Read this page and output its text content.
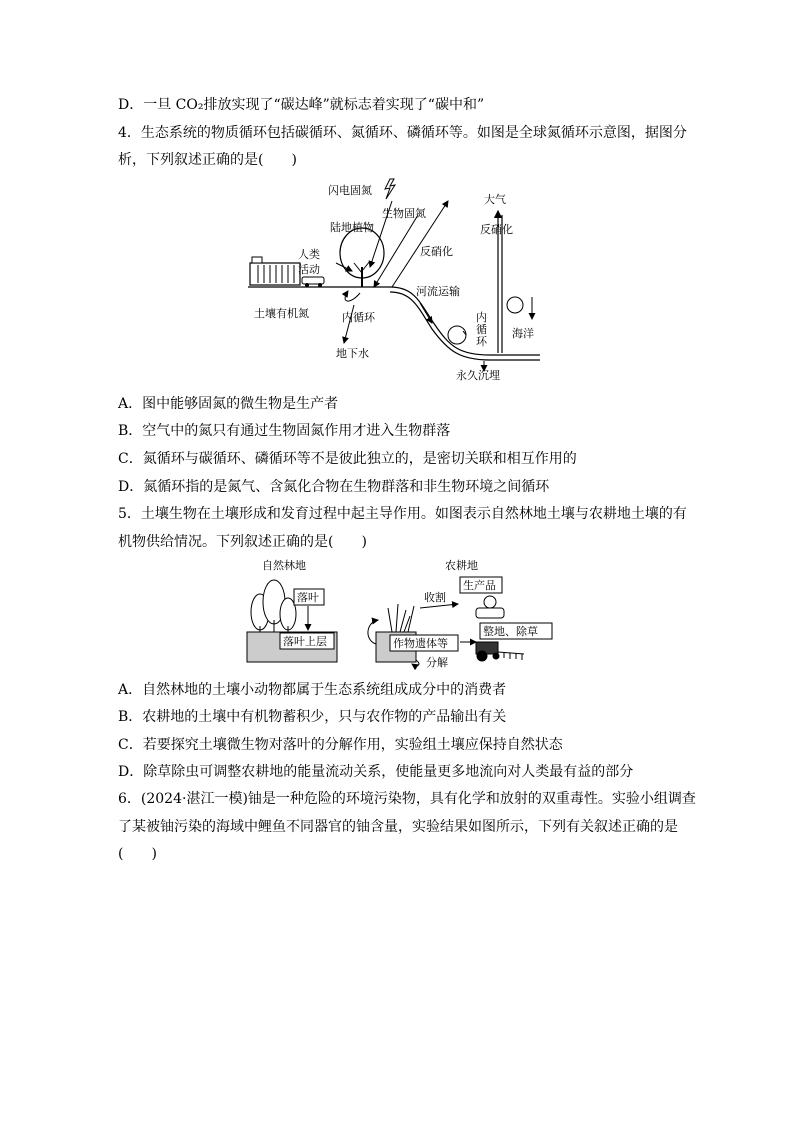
D．一旦 CO₂排放实现了“碳达峰”就标志着实现了“碳中和”
4．生态系统的物质循环包括碳循环、氮循环、磷循环等。如图是全球氮循环示意图，据图分
析，下列叙述正确的是(　　)
闪电固氮
生物固氮
陆地植物
人类
活动
反硝化
大气
反硝化
河流运输
土壤有机氮	内循环	内
循
环
海洋
地下水
永久沉埋
A．图中能够固氮的微生物是生产者
B．空气中的氮只有通过生物固氮作用才进入生物群落
C．氮循环与碳循环、磷循环等不是彼此独立的，是密切关联和相互作用的
D．氮循环指的是氮气、含氮化合物在生物群落和非生物环境之间循环
5．土壤生物在土壤形成和发育过程中起主导作用。如图表示自然林地土壤与农耕地土壤的有
机物供给情况。下列叙述正确的是(　　)
自然林地	农耕地
落叶
落叶上层
收割
生产品
作物遗体等
整地、除草
分解
A．自然林地的土壤小动物都属于生态系统组成成分中的消费者
B．农耕地的土壤中有机物蓄积少，只与农作物的产品输出有关
C．若要探究土壤微生物对落叶的分解作用，实验组土壤应保持自然状态
D．除草除虫可调整农耕地的能量流动关系，使能量更多地流向对人类最有益的部分
6．(2024·湛江一模)铀是一种危险的环境污染物，具有化学和放射的双重毒性。实验小组调查
了某被铀污染的海域中鲤鱼不同器官的铀含量，实验结果如图所示，下列有关叙述正确的是
(　　)
